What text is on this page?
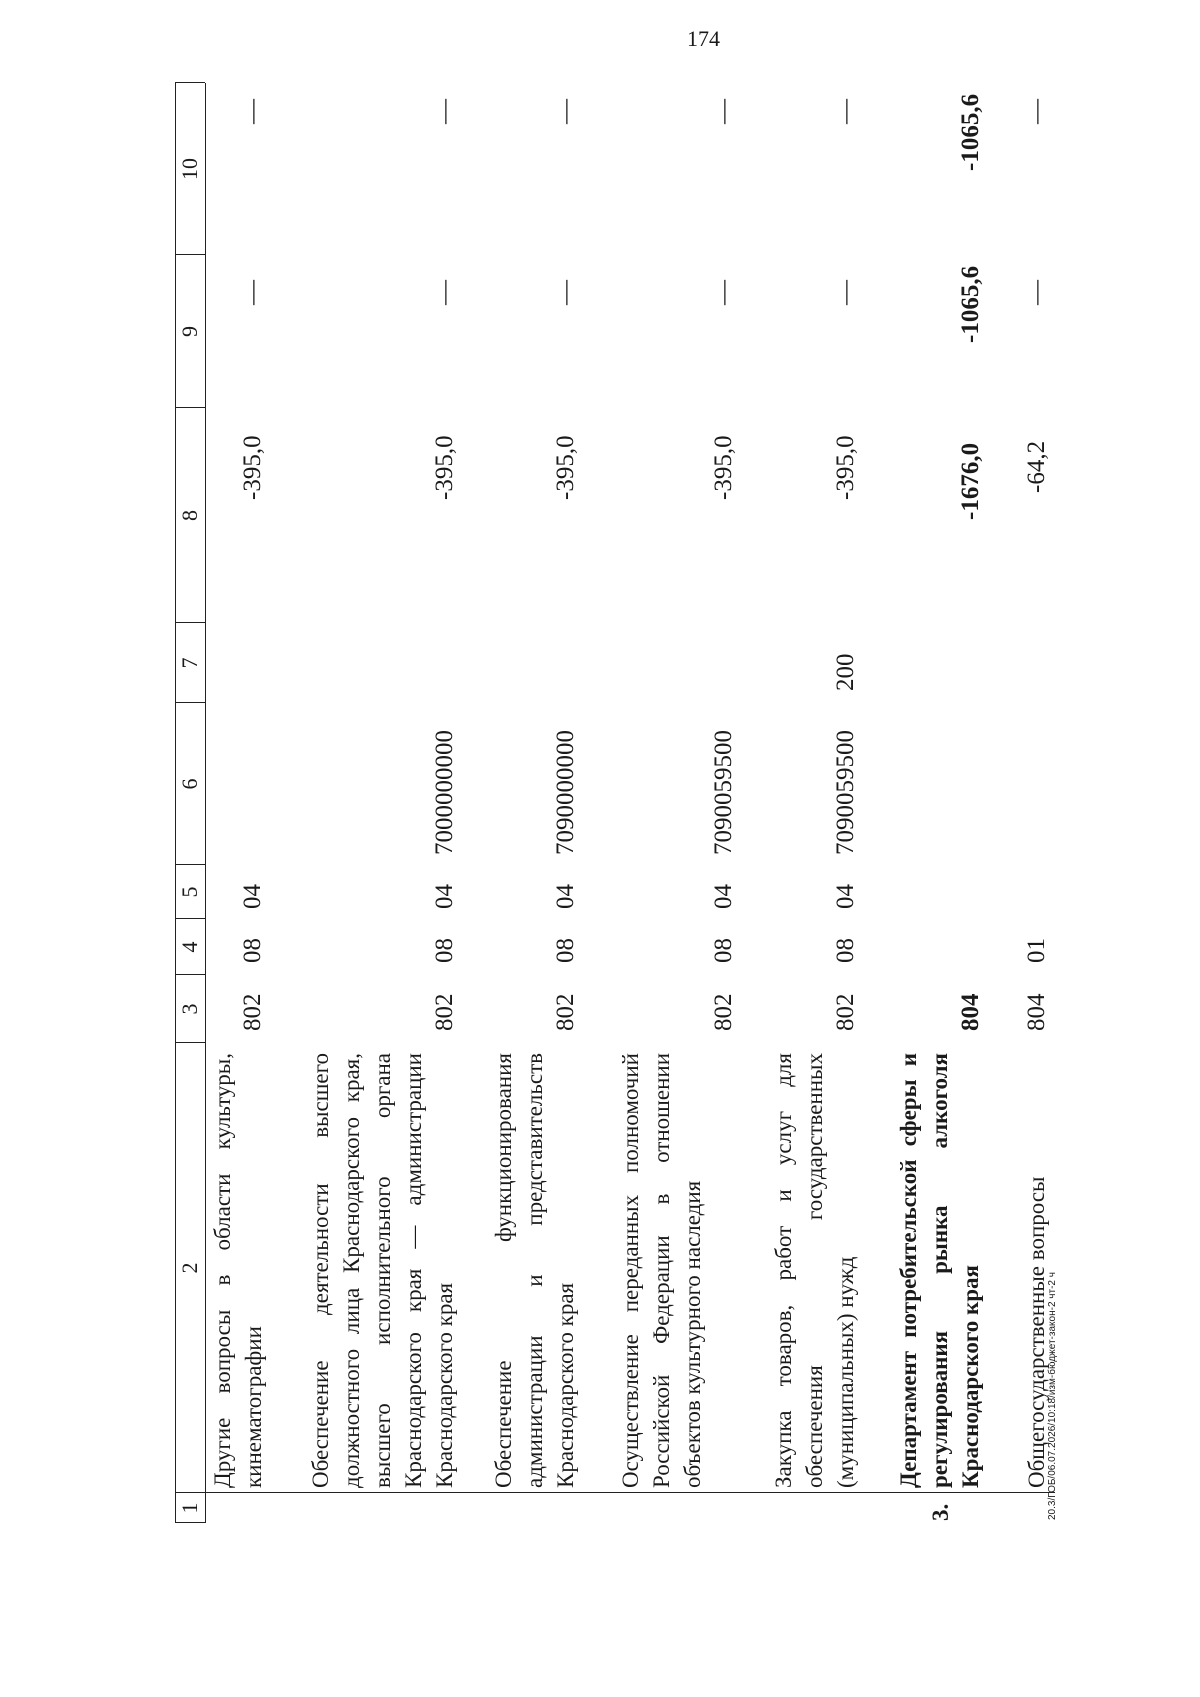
174
1
2
3
4
5
6
7
8
9
10
Другие вопросы в области культуры, кинематографии
802
08
04
-395,0
—
—
Обеспечение деятельности высшего должностного лица Краснодарского края, высшего исполнительного органа Краснодарского края — администрации Краснодарского края
802
08
04
7000000000
-395,0
—
—
Обеспечение функционирования администрации и представительств Краснодарского края
802
08
04
7090000000
-395,0
—
—
Осуществление переданных полномочий Российской Федерации в отношении объектов культурного наследия
802
08
04
7090059500
-395,0
—
—
Закупка товаров, работ и услуг для обеспечения государственных (муниципальных) нужд
802
08
04
7090059500
200
-395,0
—
—
3.
Департамент потребительской сферы и регулирования рынка алкоголя Краснодарского края
804
-1676,0
-1065,6
-1065,6
Общегосударственные вопросы
804
01
-64,2
—
—
20.3/ГОБ/06.07.2026/10:18/изм-бюджет-закон-2 чт-2 ч
